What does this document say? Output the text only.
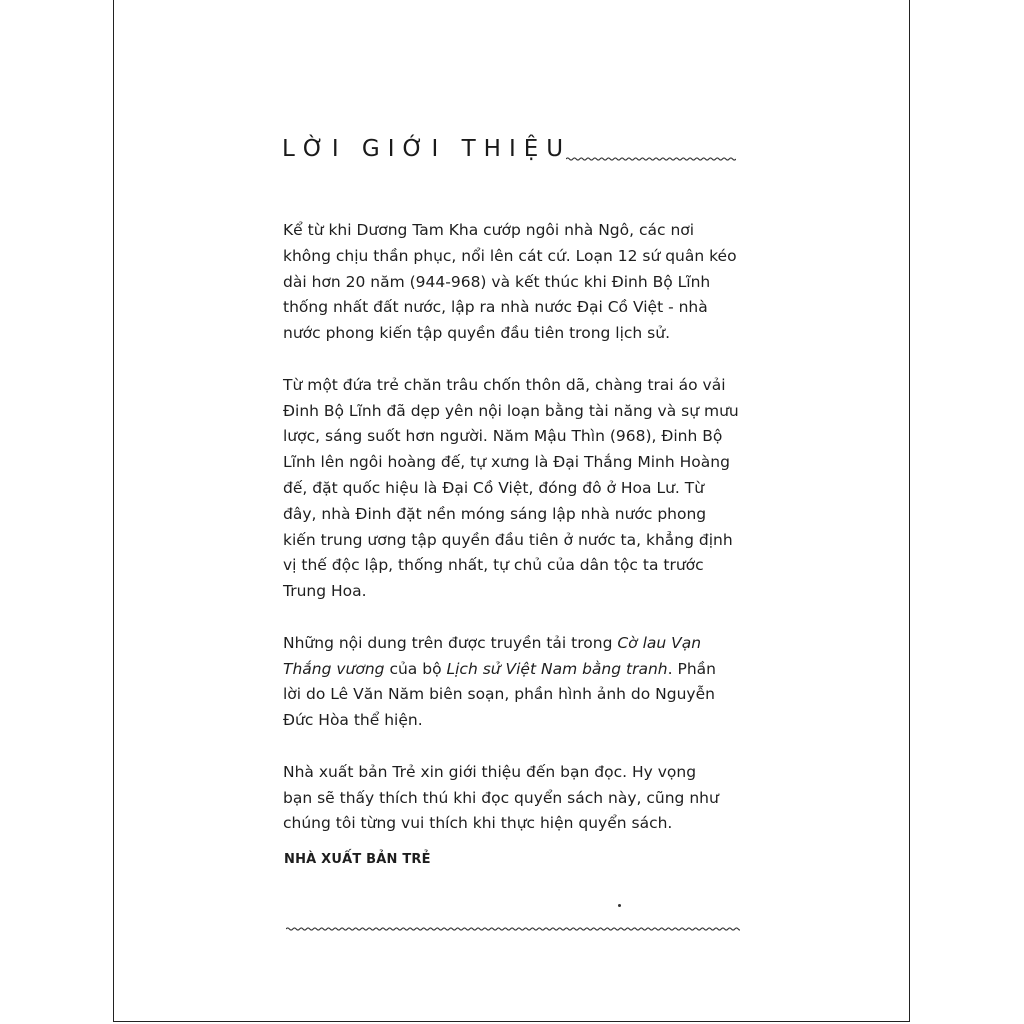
LỜI GIỚI THIỆU

Kể từ khi Dương Tam Kha cướp ngôi nhà Ngô, các nơi
không chịu thần phục, nổi lên cát cứ. Loạn 12 sứ quân kéo
dài hơn 20 năm (944-968) và kết thúc khi Đinh Bộ Lĩnh
thống nhất đất nước, lập ra nhà nước Đại Cồ Việt - nhà
nước phong kiến tập quyền đầu tiên trong lịch sử.

Từ một đứa trẻ chăn trâu chốn thôn dã, chàng trai áo vải
Đinh Bộ Lĩnh đã dẹp yên nội loạn bằng tài năng và sự mưu
lược, sáng suốt hơn người. Năm Mậu Thìn (968), Đinh Bộ
Lĩnh lên ngôi hoàng đế, tự xưng là Đại Thắng Minh Hoàng
đế, đặt quốc hiệu là Đại Cồ Việt, đóng đô ở Hoa Lư. Từ
đây, nhà Đinh đặt nền móng sáng lập nhà nước phong
kiến trung ương tập quyền đầu tiên ở nước ta, khẳng định
vị thế độc lập, thống nhất, tự chủ của dân tộc ta trước
Trung Hoa.

Những nội dung trên được truyền tải trong Cờ lau Vạn
Thắng vương của bộ Lịch sử Việt Nam bằng tranh. Phần
lời do Lê Văn Năm biên soạn, phần hình ảnh do Nguyễn
Đức Hòa thể hiện.

Nhà xuất bản Trẻ xin giới thiệu đến bạn đọc. Hy vọng
bạn sẽ thấy thích thú khi đọc quyển sách này, cũng như
chúng tôi từng vui thích khi thực hiện quyển sách.

NHÀ XUẤT BẢN TRẺ
